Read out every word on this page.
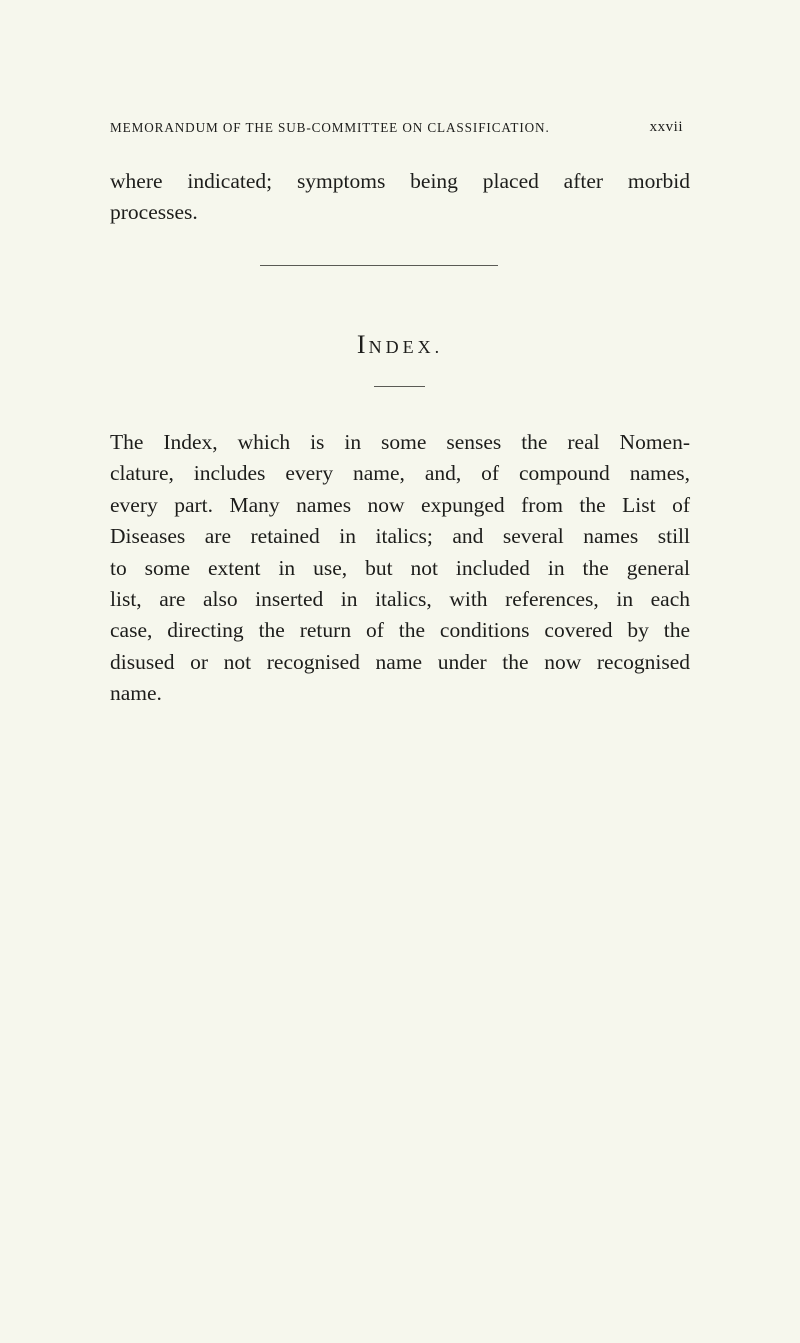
MEMORANDUM OF THE SUB-COMMITTEE ON CLASSIFICATION.	xxvii

where indicated; symptoms being placed after morbid
processes.

INDEX.

The Index, which is in some senses the real Nomen-
clature, includes every name, and, of compound names,
every part. Many names now expunged from the List of
Diseases are retained in italics; and several names still
to some extent in use, but not included in the general
list, are also inserted in italics, with references, in each
case, directing the return of the conditions covered by the
disused or not recognised name under the now recognised
name.
